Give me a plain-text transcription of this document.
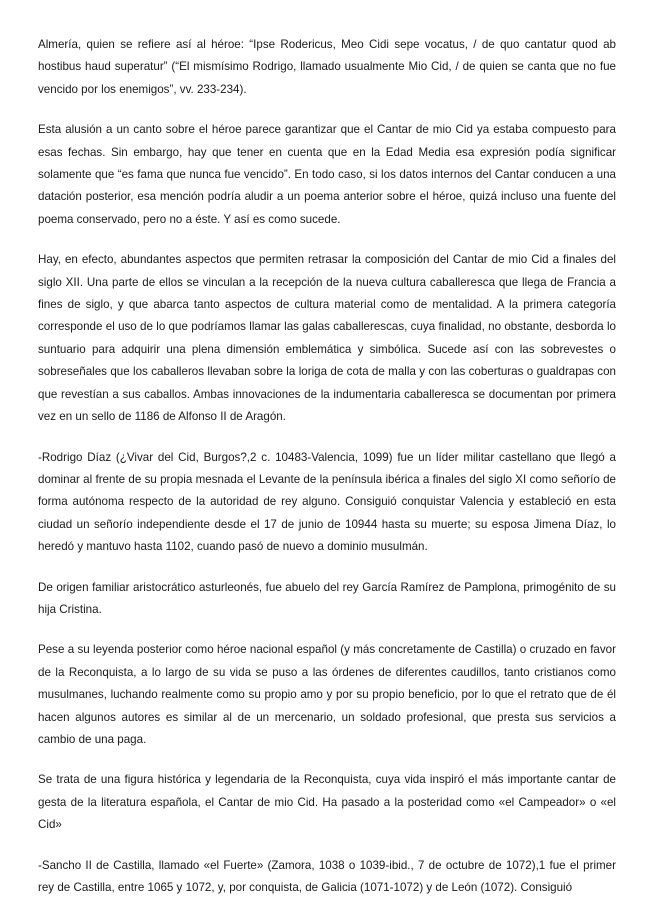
Almería, quien se refiere así al héroe: “Ipse Rodericus, Meo Cidi sepe vocatus, / de quo cantatur quod ab hostibus haud superatur” (“El mismísimo Rodrigo, llamado usualmente Mio Cid, / de quien se canta que no fue vencido por los enemigos”, vv. 233-234).

Esta alusión a un canto sobre el héroe parece garantizar que el Cantar de mio Cid ya estaba compuesto para esas fechas. Sin embargo, hay que tener en cuenta que en la Edad Media esa expresión podía significar solamente que “es fama que nunca fue vencido”. En todo caso, si los datos internos del Cantar conducen a una datación posterior, esa mención podría aludir a un poema anterior sobre el héroe, quizá incluso una fuente del poema conservado, pero no a éste. Y así es como sucede.

Hay, en efecto, abundantes aspectos que permiten retrasar la composición del Cantar de mio Cid a finales del siglo XII. Una parte de ellos se vinculan a la recepción de la nueva cultura caballeresca que llega de Francia a fines de siglo, y que abarca tanto aspectos de cultura material como de mentalidad. A la primera categoría corresponde el uso de lo que podríamos llamar las galas caballerescas, cuya finalidad, no obstante, desborda lo suntuario para adquirir una plena dimensión emblemática y simbólica. Sucede así con las sobrevestes o sobreseñales que los caballeros llevaban sobre la loriga de cota de malla y con las coberturas o gualdrapas con que revestían a sus caballos. Ambas innovaciones de la indumentaria caballeresca se documentan por primera vez en un sello de 1186 de Alfonso II de Aragón.

-Rodrigo Díaz (¿Vivar del Cid, Burgos?,2 c. 10483-Valencia, 1099) fue un líder militar castellano que llegó a dominar al frente de su propia mesnada el Levante de la península ibérica a finales del siglo XI como señorío de forma autónoma respecto de la autoridad de rey alguno. Consiguió conquistar Valencia y estableció en esta ciudad un señorío independiente desde el 17 de junio de 10944 hasta su muerte; su esposa Jimena Díaz, lo heredó y mantuvo hasta 1102, cuando pasó de nuevo a dominio musulmán.

De origen familiar aristocrático asturleonés, fue abuelo del rey García Ramírez de Pamplona, primogénito de su hija Cristina.

Pese a su leyenda posterior como héroe nacional español (y más concretamente de Castilla) o cruzado en favor de la Reconquista, a lo largo de su vida se puso a las órdenes de diferentes caudillos, tanto cristianos como musulmanes, luchando realmente como su propio amo y por su propio beneficio, por lo que el retrato que de él hacen algunos autores es similar al de un mercenario, un soldado profesional, que presta sus servicios a cambio de una paga.

Se trata de una figura histórica y legendaria de la Reconquista, cuya vida inspiró el más importante cantar de gesta de la literatura española, el Cantar de mio Cid. Ha pasado a la posteridad como «el Campeador» o «el Cid»

-Sancho II de Castilla, llamado «el Fuerte» (Zamora, 1038 o 1039-ibid., 7 de octubre de 1072),1 fue el primer rey de Castilla, entre 1065 y 1072, y, por conquista, de Galicia (1071-1072) y de León (1072). Consiguió
